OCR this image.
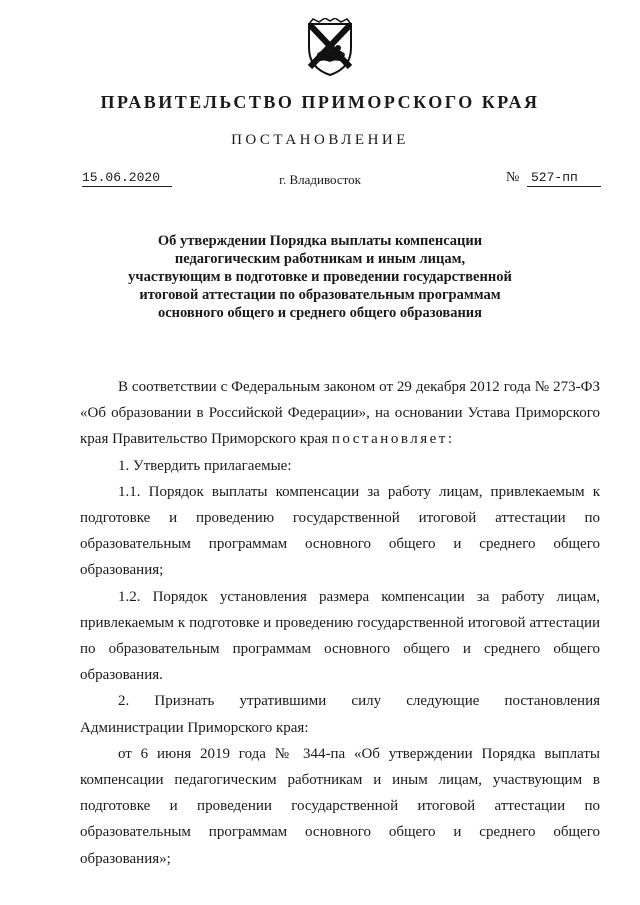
ПРАВИТЕЛЬСТВО ПРИМОРСКОГО КРАЯ
ПОСТАНОВЛЕНИЕ
15.06.2020	г. Владивосток	№ 527-пп
Об утверждении Порядка выплаты компенсации
педагогическим работникам и иным лицам,
участвующим в подготовке и проведении государственной
итоговой аттестации по образовательным программам
основного общего и среднего общего образования

В соответствии с Федеральным законом от 29 декабря 2012 года № 273-ФЗ «Об образовании в Российской Федерации», на основании Устава Приморского края Правительство Приморского края постановляет:

1. Утвердить прилагаемые:

1.1. Порядок выплаты компенсации за работу лицам, привлекаемым к подготовке и проведению государственной итоговой аттестации по образовательным программам основного общего и среднего общего образования;

1.2. Порядок установления размера компенсации за работу лицам, привлекаемым к подготовке и проведению государственной итоговой аттестации по образовательным программам основного общего и среднего общего образования.

2. Признать утратившими силу следующие постановления Администрации Приморского края:

от 6 июня 2019 года № 344-па «Об утверждении Порядка выплаты компенсации педагогическим работникам и иным лицам, участвующим в подготовке и проведении государственной итоговой аттестации по образовательным программам основного общего и среднего общего образования»;
